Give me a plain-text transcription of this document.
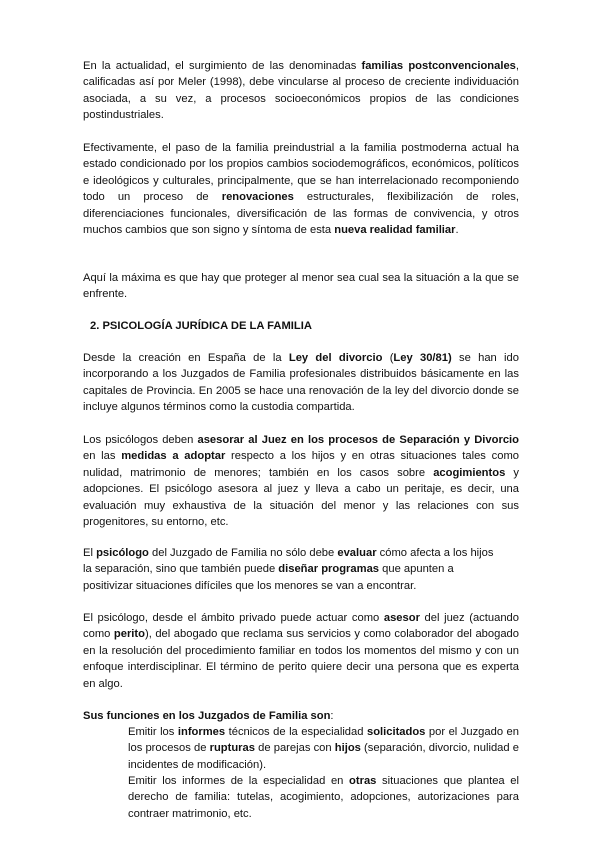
En la actualidad, el surgimiento de las denominadas familias postconvencionales, calificadas así por Meler (1998), debe vincularse al proceso de creciente individuación asociada, a su vez, a procesos socioeconómicos propios de las condiciones postindustriales.

Efectivamente, el paso de la familia preindustrial a la familia postmoderna actual ha estado condicionado por los propios cambios sociodemográficos, económicos, políticos e ideológicos y culturales, principalmente, que se han interrelacionado recomponiendo todo un proceso de renovaciones estructurales, flexibilización de roles, diferenciaciones funcionales, diversificación de las formas de convivencia, y otros muchos cambios que son signo y síntoma de esta nueva realidad familiar.

Aquí la máxima es que hay que proteger al menor sea cual sea la situación a la que se enfrente.

2. PSICOLOGÍA JURÍDICA DE LA FAMILIA

Desde la creación en España de la Ley del divorcio (Ley 30/81) se han ido incorporando a los Juzgados de Familia profesionales distribuidos básicamente en las capitales de Provincia. En 2005 se hace una renovación de la ley del divorcio donde se incluye algunos términos como la custodia compartida.

Los psicólogos deben asesorar al Juez en los procesos de Separación y Divorcio en las medidas a adoptar respecto a los hijos y en otras situaciones tales como nulidad, matrimonio de menores; también en los casos sobre acogimientos y adopciones. El psicólogo asesora al juez y lleva a cabo un peritaje, es decir, una evaluación muy exhaustiva de la situación del menor y las relaciones con sus progenitores, su entorno, etc.

El psicólogo del Juzgado de Familia no sólo debe evaluar cómo afecta a los hijos la separación, sino que también puede diseñar programas que apunten a positivizar situaciones difíciles que los menores se van a encontrar.

El psicólogo, desde el ámbito privado puede actuar como asesor del juez (actuando como perito), del abogado que reclama sus servicios y como colaborador del abogado en la resolución del procedimiento familiar en todos los momentos del mismo y con un enfoque interdisciplinar. El término de perito quiere decir una persona que es experta en algo.

Sus funciones en los Juzgados de Familia son:

Emitir los informes técnicos de la especialidad solicitados por el Juzgado en los procesos de rupturas de parejas con hijos (separación, divorcio, nulidad e incidentes de modificación).

Emitir los informes de la especialidad en otras situaciones que plantea el derecho de familia: tutelas, acogimiento, adopciones, autorizaciones para contraer matrimonio, etc.
